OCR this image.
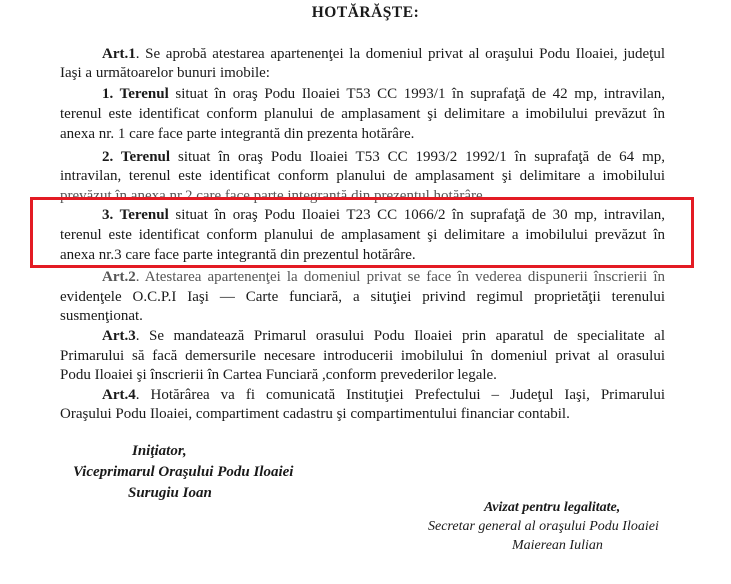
HOTĂRĂŞTE:
Art.1. Se aprobă atestarea apartenenţei la domeniul privat al oraşului Podu Iloaiei, judeţul
Iaşi a următoarelor bunuri imobile:
1. Terenul situat în oraş Podu Iloaiei T53 CC 1993/1 în suprafaţă de 42 mp, intravilan,
terenul este identificat conform planului de amplasament şi delimitare a imobilului prevăzut în
anexa nr. 1 care face parte integrantă din prezenta hotărâre.
2. Terenul situat în oraş Podu Iloaiei T53 CC 1993/2 1992/1 în suprafaţă de 64 mp,
intravilan, terenul este identificat conform planului de amplasament şi delimitare a imobilului
prevăzut în anexa nr.2 care face parte integrantă din prezentul hotărâre.
3. Terenul situat în oraş Podu Iloaiei T23 CC 1066/2 în suprafaţă de 30 mp, intravilan,
terenul este identificat conform planului de amplasament şi delimitare a imobilului prevăzut în
anexa nr.3 care face parte integrantă din prezentul hotărâre.
Art.2. Atestarea apartenenţei la domeniul privat se face în vederea dispunerii înscrierii în
evidenţele O.C.P.I Iaşi — Carte funciară, a situţiei privind regimul proprietăţii terenului
susmenţionat.
Art.3. Se mandatează Primarul orasului Podu Iloaiei prin aparatul de specialitate al
Primarului să facă demersurile necesare introducerii imobilului în domeniul privat al orasului
Podu Iloaiei şi înscrierii în Cartea Funciară ,conform prevederilor legale.
Art.4. Hotărârea va fi comunicată Instituţiei Prefectului – Judeţul Iaşi, Primarului
Oraşului Podu Iloaiei, compartiment cadastru şi compartimentului financiar contabil.
Iniţiator,
Viceprimarul Oraşului Podu Iloaiei
Surugiu Ioan
Avizat pentru legalitate,
Secretar general al oraşului Podu Iloaiei
Maierean Iulian
